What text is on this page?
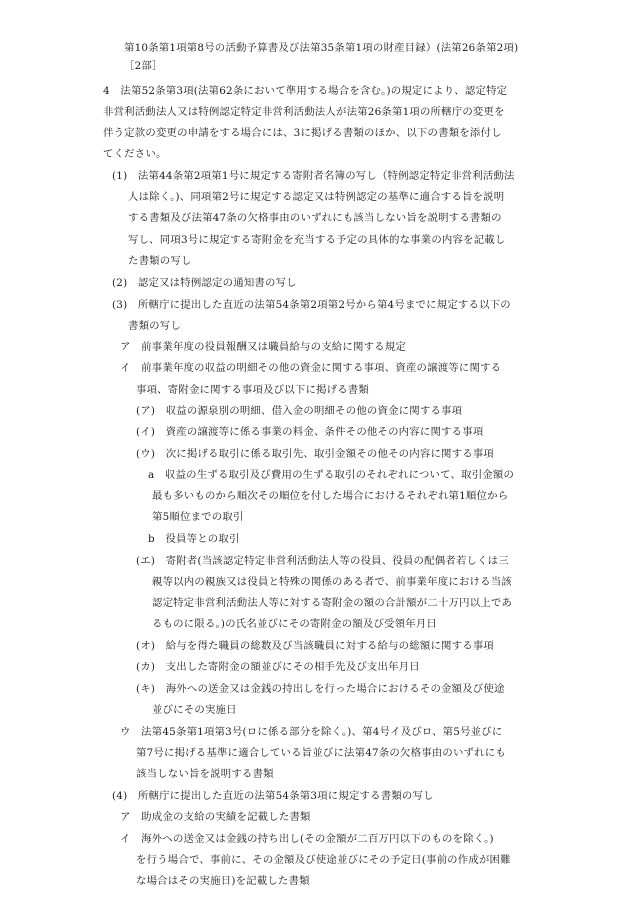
第10条第1項第8号の活動予算書及び法第35条第1項の財産目録）(法第26条第2項)
［2部］
4　法第52条第3項(法第62条において準用する場合を含む。)の規定により、認定特定
非営利活動法人又は特例認定特定非営利活動法人が法第26条第1項の所轄庁の変更を
伴う定款の変更の申請をする場合には、3に掲げる書類のほか、以下の書類を添付し
てください。
(1)　法第44条第2項第1号に規定する寄附者名簿の写し（特例認定特定非営利活動法
人は除く。)、同項第2号に規定する認定又は特例認定の基準に適合する旨を説明
する書類及び法第47条の欠格事由のいずれにも該当しない旨を説明する書類の
写し、同項3号に規定する寄附金を充当する予定の具体的な事業の内容を記載し
た書類の写し
(2)　認定又は特例認定の通知書の写し
(3)　所轄庁に提出した直近の法第54条第2項第2号から第4号までに規定する以下の
書類の写し
ア　前事業年度の役員報酬又は職員給与の支給に関する規定
イ　前事業年度の収益の明細その他の資金に関する事項、資産の譲渡等に関する
事項、寄附金に関する事項及び以下に掲げる書類
(ア)　収益の源泉別の明細、借入金の明細その他の資金に関する事項
(イ)　資産の譲渡等に係る事業の料金、条件その他その内容に関する事項
(ウ)　次に掲げる取引に係る取引先、取引金額その他その内容に関する事項
a　収益の生ずる取引及び費用の生ずる取引のそれぞれについて、取引金額の
最も多いものから順次その順位を付した場合におけるそれぞれ第1順位から
第5順位までの取引
b　役員等との取引
(エ)　寄附者(当該認定特定非営利活動法人等の役員、役員の配偶者若しくは三
親等以内の親族又は役員と特殊の関係のある者で、前事業年度における当該
認定特定非営利活動法人等に対する寄附金の額の合計額が二十万円以上であ
るものに限る。)の氏名並びにその寄附金の額及び受領年月日
(オ)　給与を得た職員の総数及び当該職員に対する給与の総額に関する事項
(カ)　支出した寄附金の額並びにその相手先及び支出年月日
(キ)　海外への送金又は金銭の持出しを行った場合におけるその金額及び使途
並びにその実施日
ウ　法第45条第1項第3号(ロに係る部分を除く。)、第4号イ及びロ、第5号並びに
第7号に掲げる基準に適合している旨並びに法第47条の欠格事由のいずれにも
該当しない旨を説明する書類
(4)　所轄庁に提出した直近の法第54条第3項に規定する書類の写し
ア　助成金の支給の実績を記載した書類
イ　海外への送金又は金銭の持ち出し(その金額が二百万円以下のものを除く。)
を行う場合で、事前に、その金額及び使途並びにその予定日(事前の作成が困難
な場合はその実施日)を記載した書類
